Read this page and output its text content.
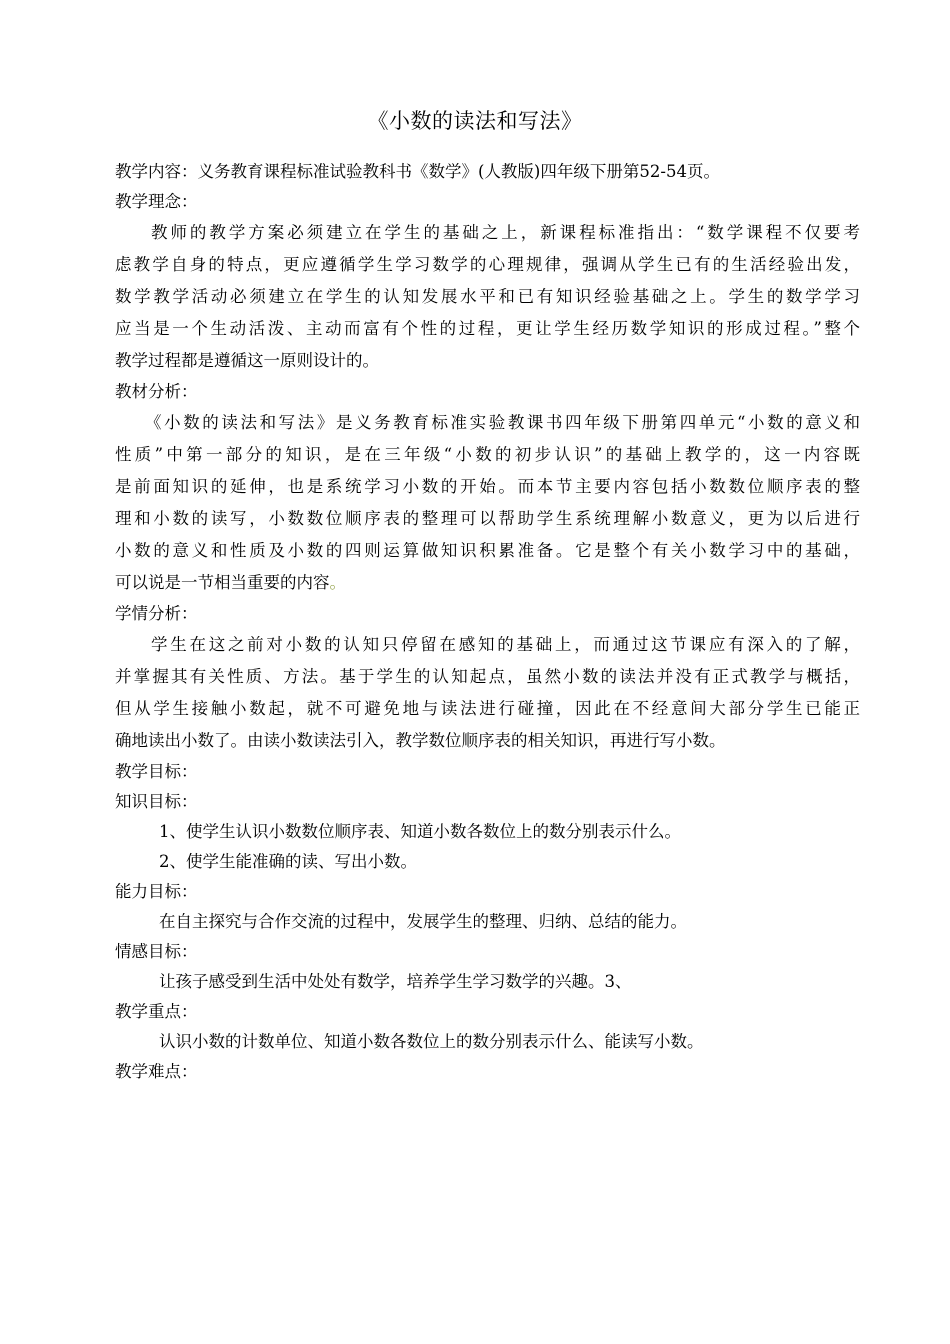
《小数的读法和写法》
教学内容：义务教育课程标准试验教科书《数学》(人教版)四年级下册第52-54页。
教学理念：
教师的教学方案必须建立在学生的基础之上，新课程标准指出：“数学课程不仅要考
虑教学自身的特点，更应遵循学生学习数学的心理规律，强调从学生已有的生活经验出发，
数学教学活动必须建立在学生的认知发展水平和已有知识经验基础之上。学生的数学学习
应当是一个生动活泼、主动而富有个性的过程，更让学生经历数学知识的形成过程。”整个
教学过程都是遵循这一原则设计的。
教材分析：
《小数的读法和写法》是义务教育标准实验教课书四年级下册第四单元“小数的意义和
性质”中第一部分的知识，是在三年级“小数的初步认识”的基础上教学的，这一内容既
是前面知识的延伸，也是系统学习小数的开始。而本节主要内容包括小数数位顺序表的整
理和小数的读写，小数数位顺序表的整理可以帮助学生系统理解小数意义，更为以后进行
小数的意义和性质及小数的四则运算做知识积累准备。它是整个有关小数学习中的基础，
可以说是一节相当重要的内容。
学情分析：
学生在这之前对小数的认知只停留在感知的基础上，而通过这节课应有深入的了解，
并掌握其有关性质、方法。基于学生的认知起点，虽然小数的读法并没有正式教学与概括，
但从学生接触小数起，就不可避免地与读法进行碰撞，因此在不经意间大部分学生已能正
确地读出小数了。由读小数读法引入，教学数位顺序表的相关知识，再进行写小数。
教学目标：
知识目标：
1、使学生认识小数数位顺序表、知道小数各数位上的数分别表示什么。
2、使学生能准确的读、写出小数。
能力目标：
在自主探究与合作交流的过程中，发展学生的整理、归纳、总结的能力。
情感目标：
让孩子感受到生活中处处有数学，培养学生学习数学的兴趣。3、
教学重点：
认识小数的计数单位、知道小数各数位上的数分别表示什么、能读写小数。
教学难点：
